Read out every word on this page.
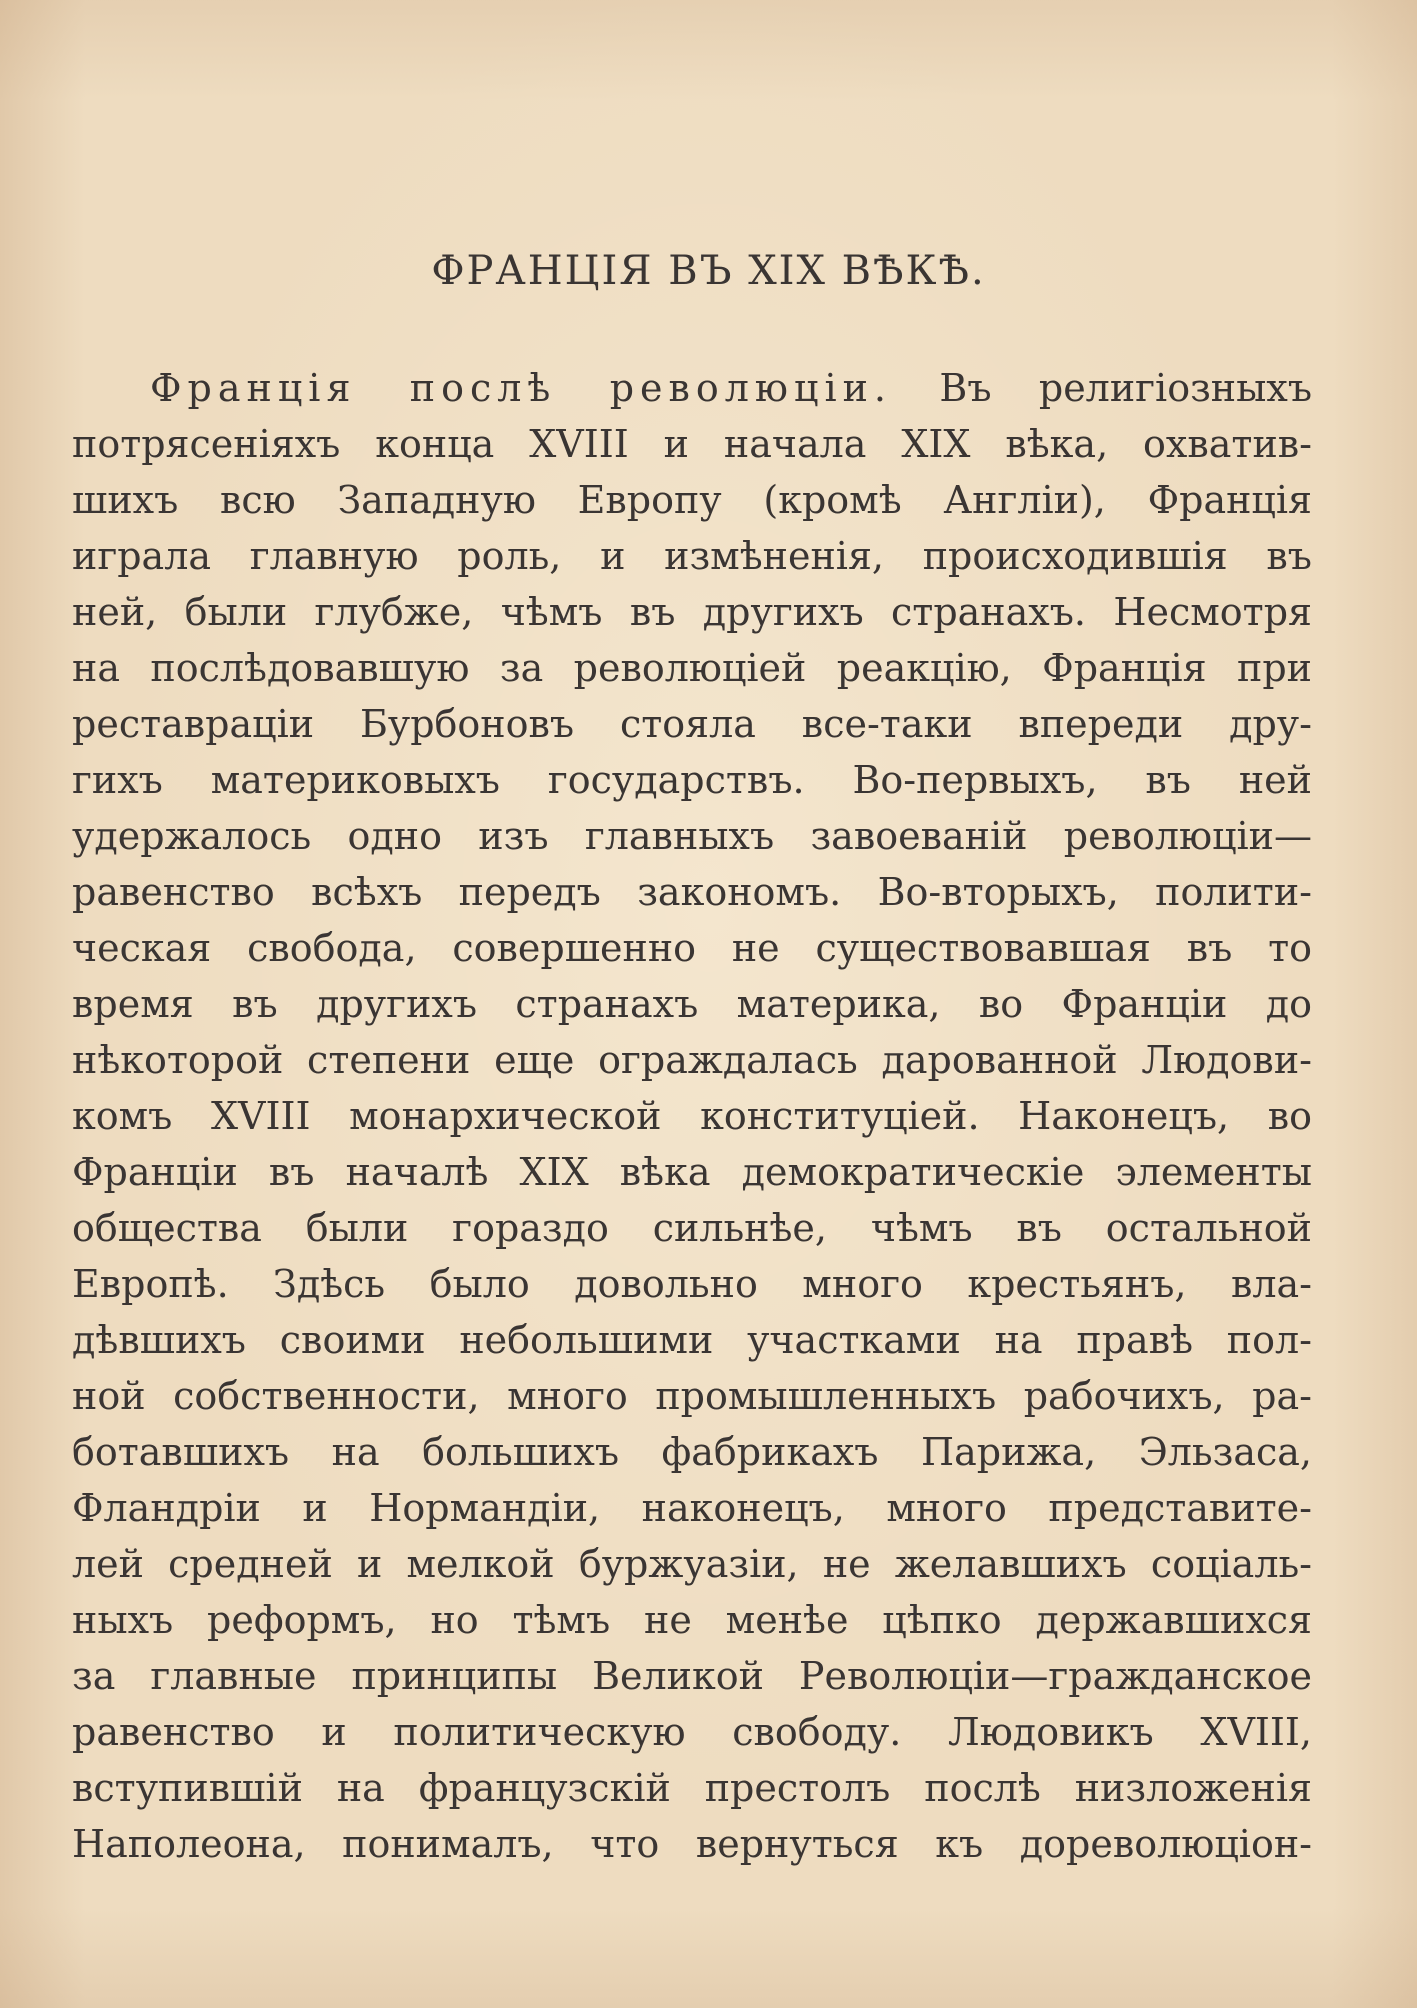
ФРАНЦІЯ ВЪ XIX ВѢКѢ.
Франція послѣ революціи. Въ религіозныхъ
потрясеніяхъ конца XVIII и начала XIX вѣка, охватив-
шихъ всю Западную Европу (кромѣ Англіи), Франція
играла главную роль, и измѣненія, происходившія въ
ней, были глубже, чѣмъ въ другихъ странахъ. Несмотря
на послѣдовавшую за революціей реакцію, Франція при
реставраціи Бурбоновъ стояла все-таки впереди дру-
гихъ материковыхъ государствъ. Во-первыхъ, въ ней
удержалось одно изъ главныхъ завоеваній революціи—
равенство всѣхъ передъ закономъ. Во-вторыхъ, полити-
ческая свобода, совершенно не существовавшая въ то
время въ другихъ странахъ материка, во Франціи до
нѣкоторой степени еще ограждалась дарованной Людови-
комъ XVIII монархической конституціей. Наконецъ, во
Франціи въ началѣ XIX вѣка демократическіе элементы
общества были гораздо сильнѣе, чѣмъ въ остальной
Европѣ. Здѣсь было довольно много крестьянъ, вла-
дѣвшихъ своими небольшими участками на правѣ пол-
ной собственности, много промышленныхъ рабочихъ, ра-
ботавшихъ на большихъ фабрикахъ Парижа, Эльзаса,
Фландріи и Нормандіи, наконецъ, много представите-
лей средней и мелкой буржуазіи, не желавшихъ соціаль-
ныхъ реформъ, но тѣмъ не менѣе цѣпко державшихся
за главные принципы Великой Революціи—гражданское
равенство и политическую свободу. Людовикъ XVIII,
вступившій на французскій престолъ послѣ низложенія
Наполеона, понималъ, что вернуться къ дореволюціон-
